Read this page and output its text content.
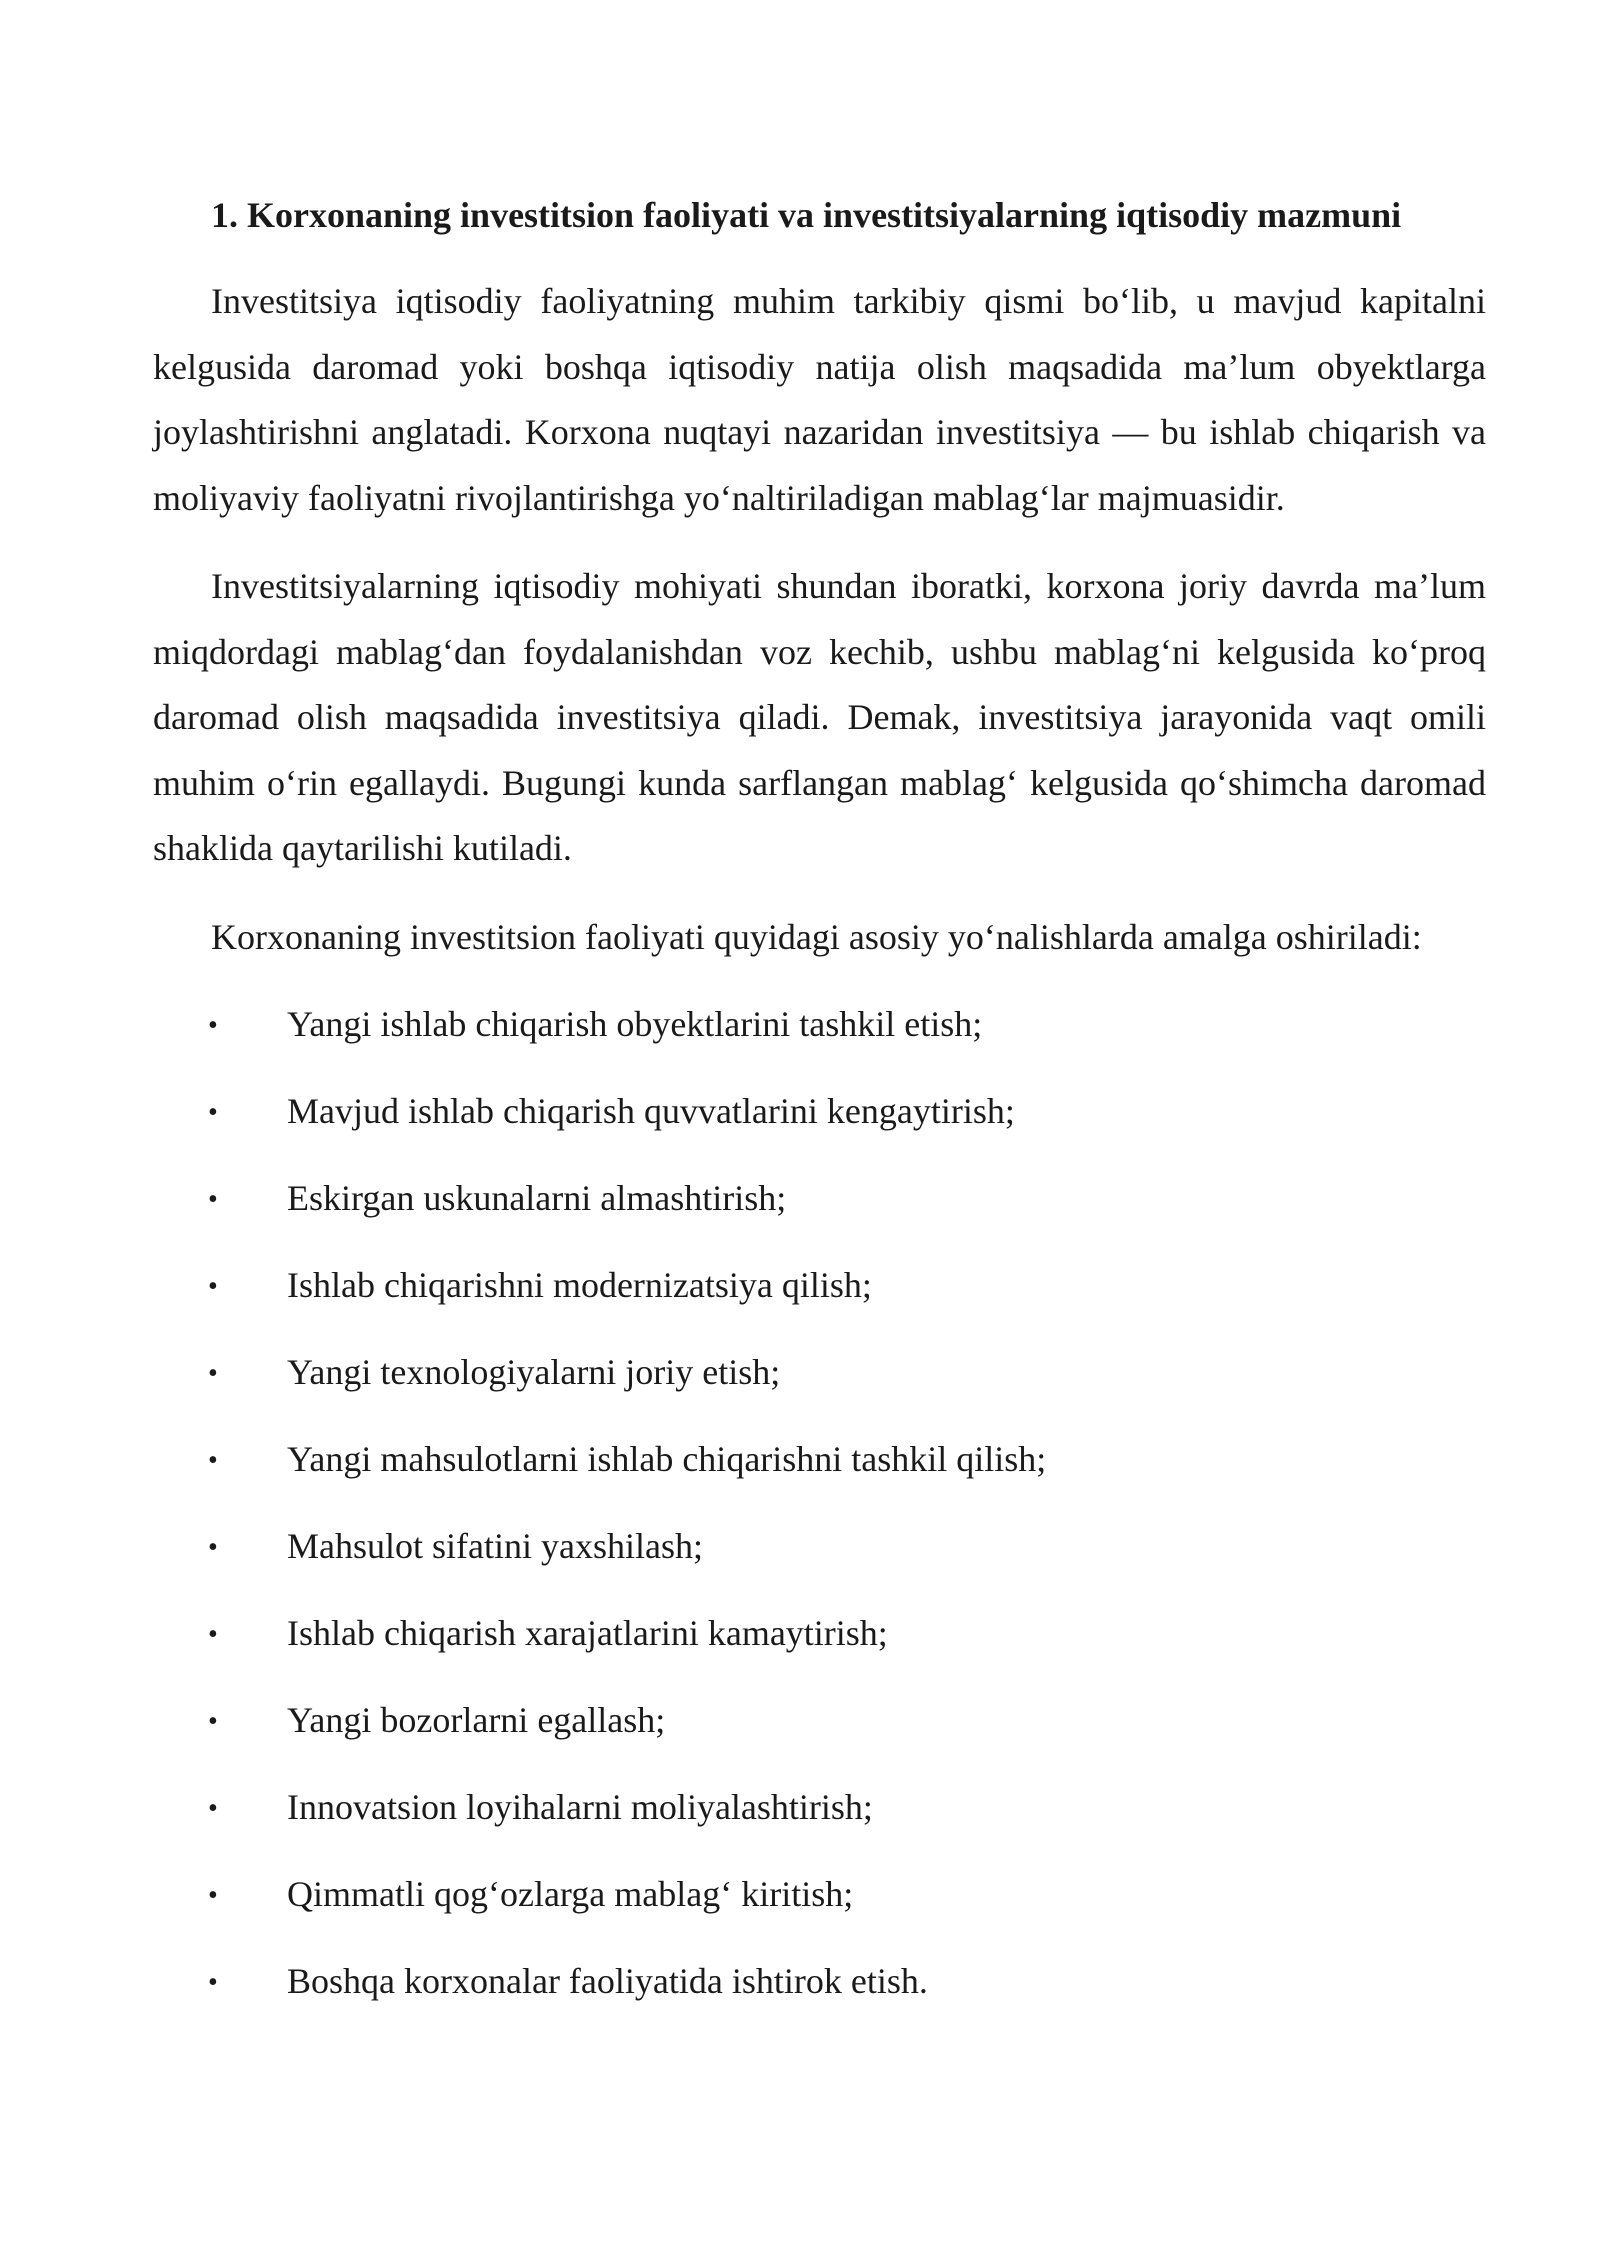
1. Korxonaning investitsion faoliyati va investitsiyalarning iqtisodiy mazmuni

Investitsiya iqtisodiy faoliyatning muhim tarkibiy qismi bo‘lib, u mavjud kapitalni kelgusida daromad yoki boshqa iqtisodiy natija olish maqsadida ma’lum obyektlarga joylashtirishni anglatadi. Korxona nuqtayi nazaridan investitsiya — bu ishlab chiqarish va moliyaviy faoliyatni rivojlantirishga yo‘naltiriladigan mablag‘lar majmuasidir.

Investitsiyalarning iqtisodiy mohiyati shundan iboratki, korxona joriy davrda ma’lum miqdordagi mablag‘dan foydalanishdan voz kechib, ushbu mablag‘ni kelgusida ko‘proq daromad olish maqsadida investitsiya qiladi. Demak, investitsiya jarayonida vaqt omili muhim o‘rin egallaydi. Bugungi kunda sarflangan mablag‘ kelgusida qo‘shimcha daromad shaklida qaytarilishi kutiladi.

Korxonaning investitsion faoliyati quyidagi asosiy yo‘nalishlarda amalga oshiriladi:

• Yangi ishlab chiqarish obyektlarini tashkil etish;
• Mavjud ishlab chiqarish quvvatlarini kengaytirish;
• Eskirgan uskunalarni almashtirish;
• Ishlab chiqarishni modernizatsiya qilish;
• Yangi texnologiyalarni joriy etish;
• Yangi mahsulotlarni ishlab chiqarishni tashkil qilish;
• Mahsulot sifatini yaxshilash;
• Ishlab chiqarish xarajatlarini kamaytirish;
• Yangi bozorlarni egallash;
• Innovatsion loyihalarni moliyalashtirish;
• Qimmatli qog‘ozlarga mablag‘ kiritish;
• Boshqa korxonalar faoliyatida ishtirok etish.
